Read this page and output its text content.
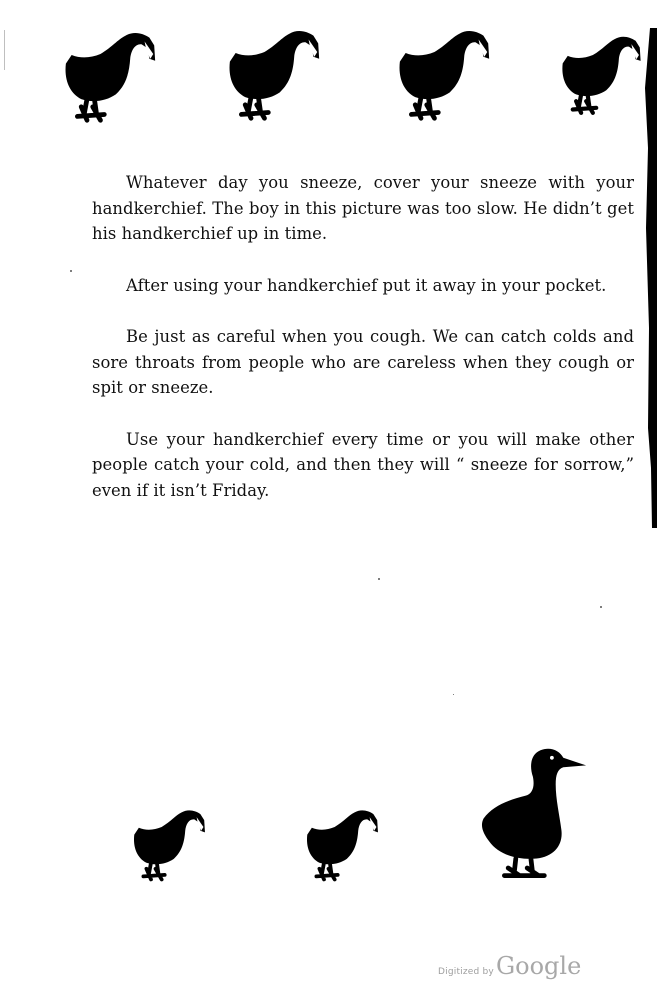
Whatever day you sneeze, cover your sneeze with your handkerchief. The boy in this picture was too slow. He didn’t get his handkerchief up in time.

After using your handkerchief put it away in your pocket.

Be just as careful when you cough. We can catch colds and sore throats from people who are careless when they cough or spit or sneeze.

Use your handkerchief every time or you will make other people catch your cold, and then they will “ sneeze for sorrow,” even if it isn’t Friday.

Digitized byGoogle
